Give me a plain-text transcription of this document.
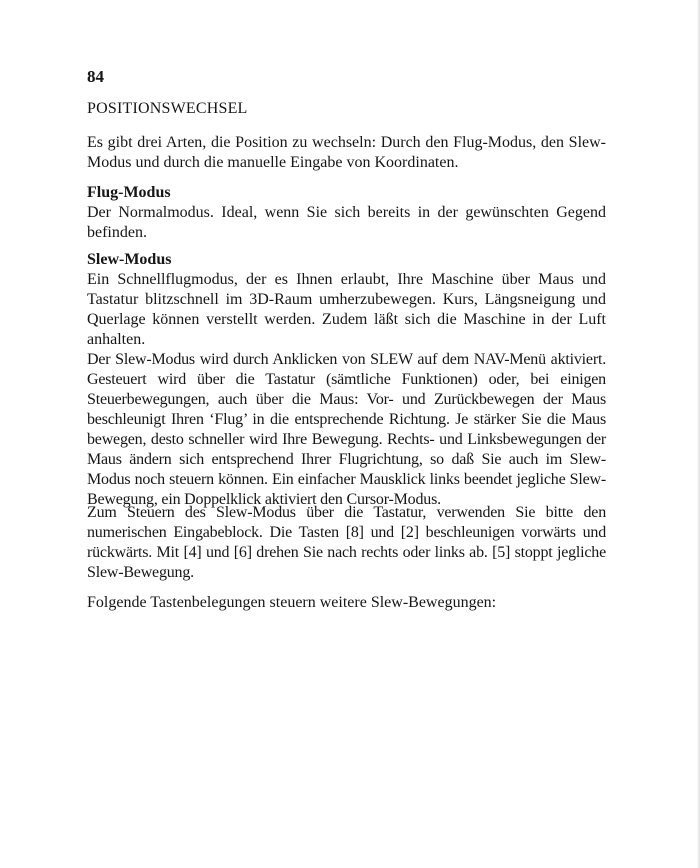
84

POSITIONSWECHSEL

Es gibt drei Arten, die Position zu wechseln: Durch den Flug-Modus, den Slew-Modus und durch die manuelle Eingabe von Koordinaten.

Flug-Modus
Der Normalmodus. Ideal, wenn Sie sich bereits in der gewünschten Gegend befinden.
Slew-Modus
Ein Schnellflugmodus, der es Ihnen erlaubt, Ihre Maschine über Maus und Tastatur blitzschnell im 3D-Raum umherzubewegen. Kurs, Längsneigung und Querlage können verstellt werden. Zudem läßt sich die Maschine in der Luft anhalten.

Der Slew-Modus wird durch Anklicken von SLEW auf dem NAV-Menü aktiviert. Gesteuert wird über die Tastatur (sämtliche Funktionen) oder, bei einigen Steuerbewegungen, auch über die Maus: Vor- und Zurückbewegen der Maus beschleunigt Ihren ‘Flug’ in die entsprechende Richtung. Je stärker Sie die Maus bewegen, desto schneller wird Ihre Bewegung. Rechts- und Linksbewegungen der Maus ändern sich entsprechend Ihrer Flugrichtung, so daß Sie auch im Slew-Modus noch steuern können. Ein einfacher Mausklick links beendet jegliche Slew-Bewegung, ein Doppelklick aktiviert den Cursor-Modus.

Zum Steuern des Slew-Modus über die Tastatur, verwenden Sie bitte den numerischen Eingabeblock. Die Tasten [8] und [2] beschleunigen vorwärts und rückwärts. Mit [4] und [6] drehen Sie nach rechts oder links ab. [5] stoppt jegliche Slew-Bewegung.

Folgende Tastenbelegungen steuern weitere Slew-Bewegungen:
